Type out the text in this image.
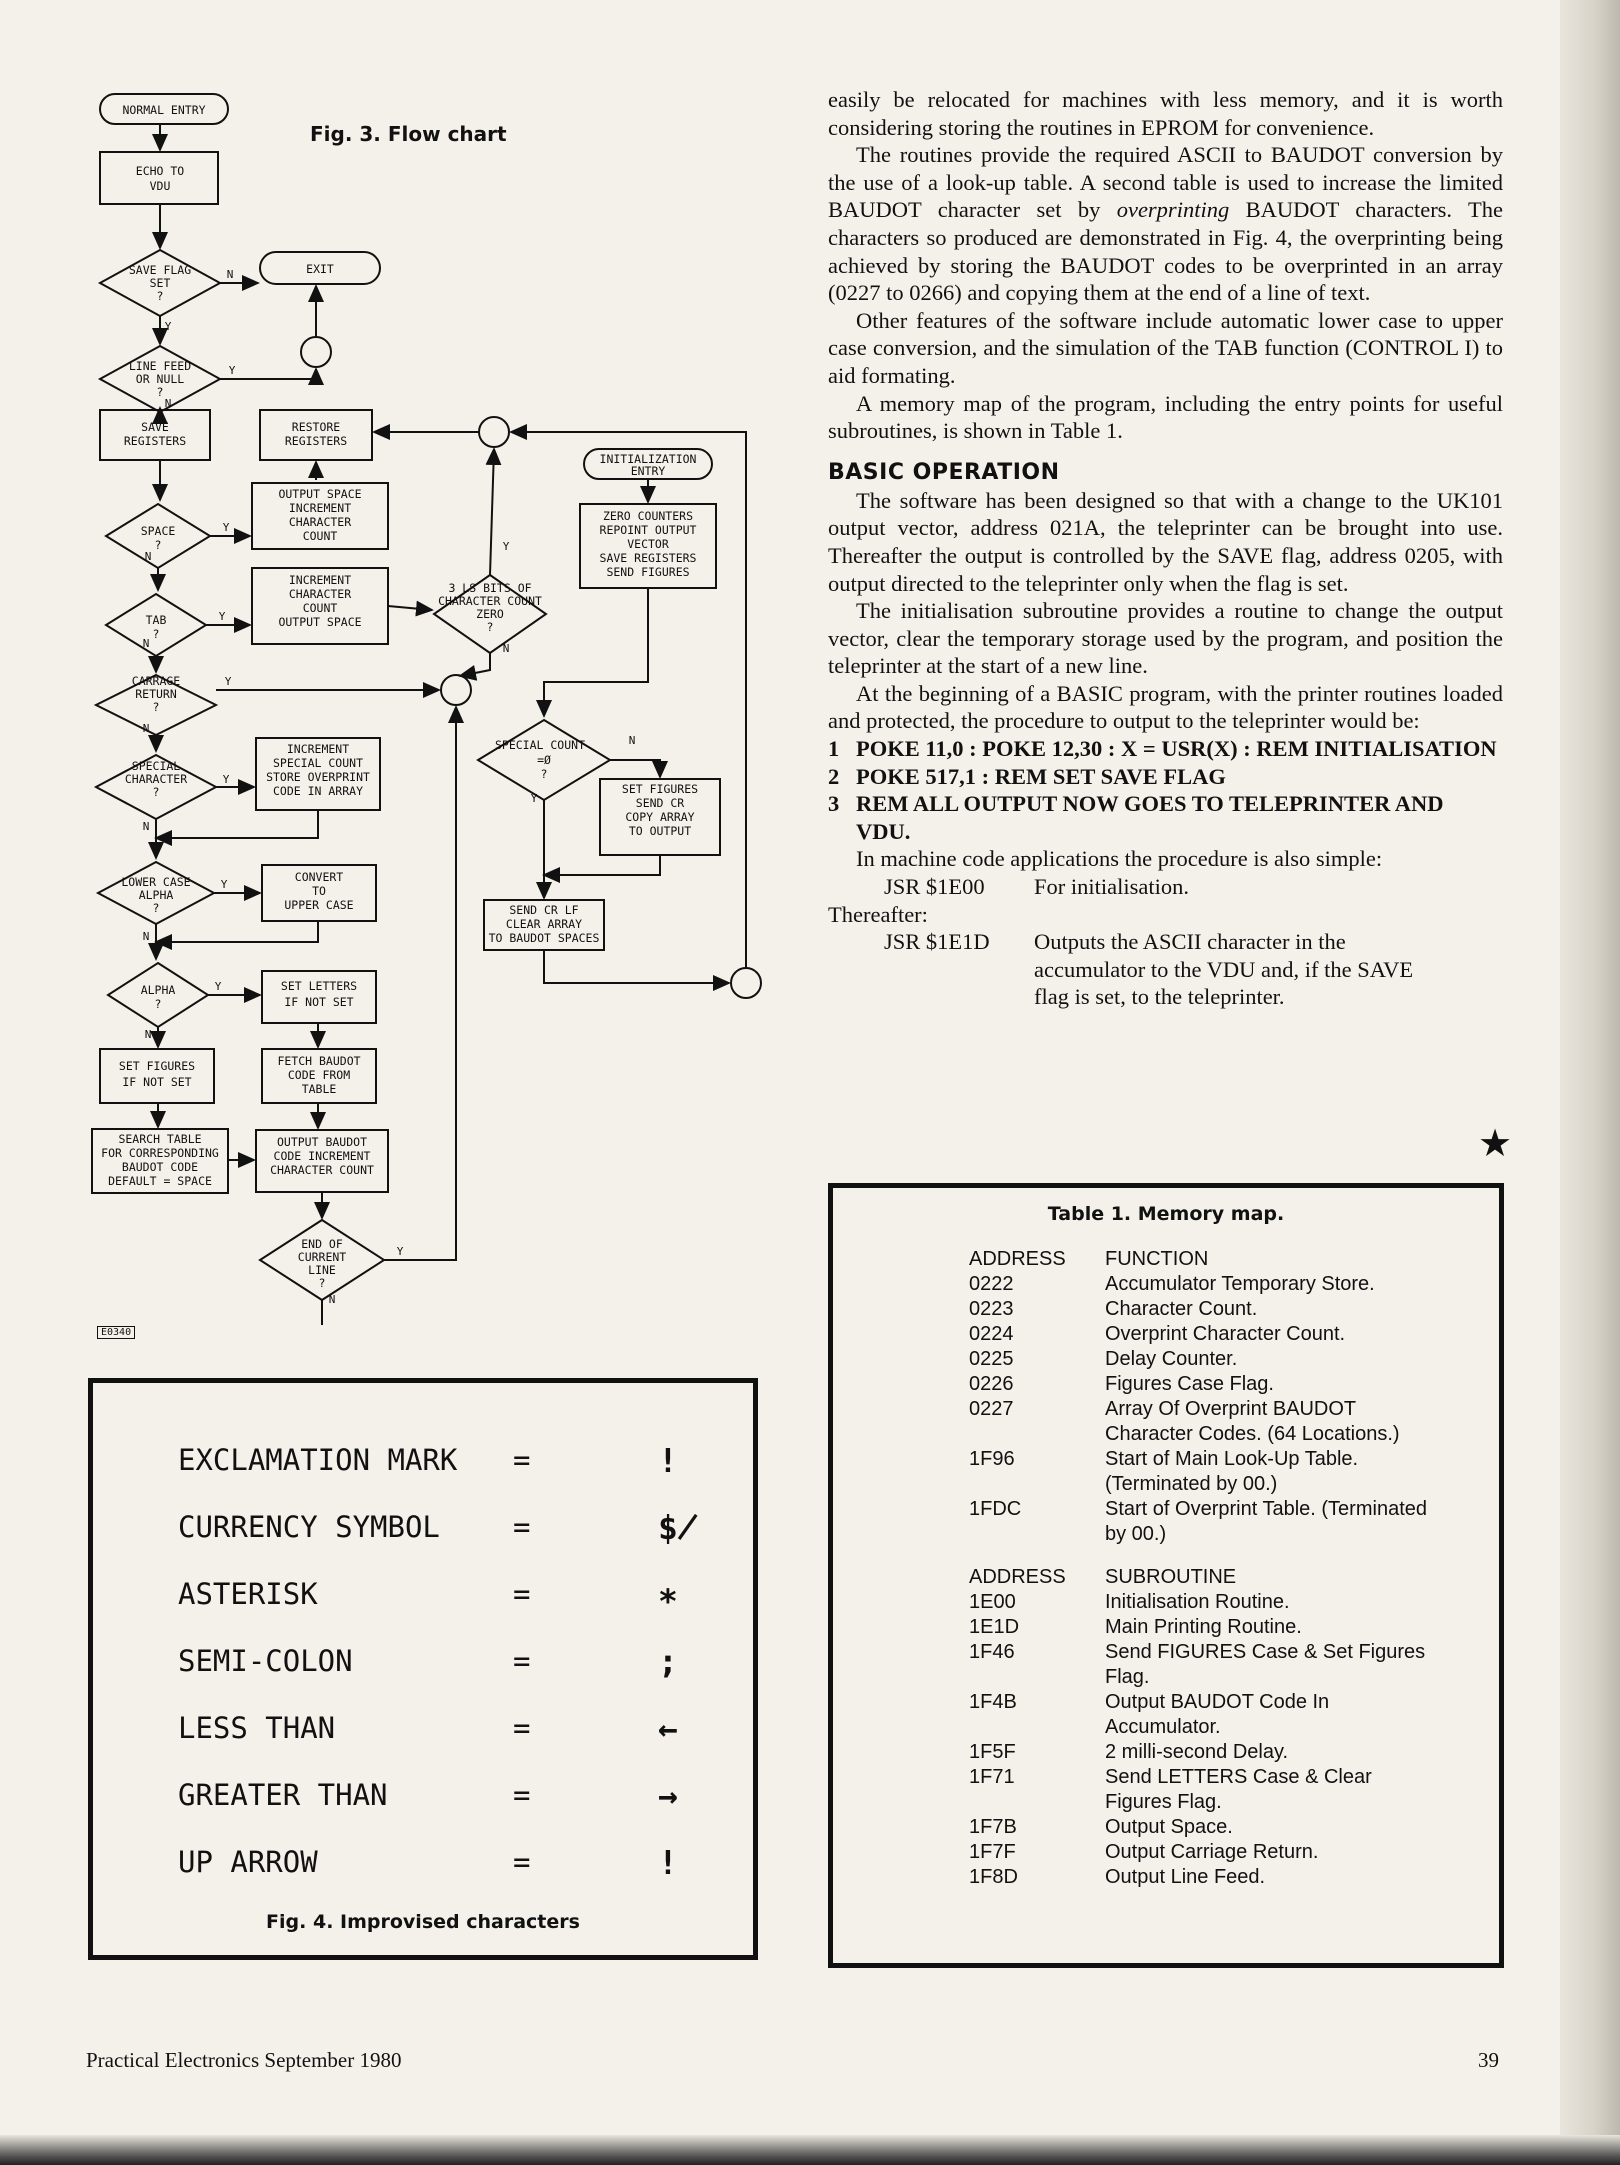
Fig. 3. Flow chart
NORMAL ENTRY
ECHO TO
VDU
SAVE FLAG
SET
?
EXIT
LINE FEED
OR NULL
?
SAVE
REGISTERS
RESTORE
REGISTERS
SPACE
?
OUTPUT SPACE
INCREMENT
CHARACTER
COUNT
INITIALIZATION
ENTRY
ZERO COUNTERS
REPOINT OUTPUT
VECTOR
SAVE REGISTERS
SEND FIGURES
TAB
?
INCREMENT
CHARACTER
COUNT
OUTPUT SPACE
3 LS BITS OF
CHARACTER COUNT
ZERO
?
CARRAGE
RETURN
?
SPECIAL COUNT
=Ø
?
SPECIAL
CHARACTER
?
INCREMENT
SPECIAL COUNT
STORE OVERPRINT
CODE IN ARRAY	SET FIGURES
SEND CR
COPY ARRAY
TO OUTPUT
LOWER CASE
ALPHA
?
CONVERT
TO
UPPER CASE	SEND CR LF
CLEAR ARRAY
TO BAUDOT SPACES
ALPHA
?
SET LETTERS
IF NOT SET
SET FIGURES
IF NOT SET
FETCH BAUDOT
CODE FROM
TABLE
SEARCH TABLE
FOR CORRESPONDING
BAUDOT CODE
DEFAULT = SPACE
OUTPUT BAUDOT
CODE INCREMENT
CHARACTER COUNT
END OF
CURRENT
LINE
?
N
Y
Y
N
Y
N
Y
N
Y
N
Y
N
N
Y
Y
N
Y
N
Y
N
Y
N
E0340
EXCLAMATION MARK =	!
CURRENCY SYMBOL	=	$̸
ASTERISK	=	∗
SEMI-COLON	=	;
LESS THAN	=	←
GREATER THAN	=	→
UP ARROW	=	!
Fig. 4. Improvised characters

easily be relocated for machines with less memory, and it is worth considering storing the routines in EPROM for convenience.

The routines provide the required ASCII to BAUDOT conversion by the use of a look-up table. A second table is used to increase the limited BAUDOT character set by overprinting BAUDOT characters. The characters so produced are demonstrated in Fig. 4, the overprinting being achieved by storing the BAUDOT codes to be overprinted in an array (0227 to 0266) and copying them at the end of a line of text.

Other features of the software include automatic lower case to upper case conversion, and the simulation of the TAB function (CONTROL I) to aid formating.

A memory map of the program, including the entry points for useful subroutines, is shown in Table 1.

BASIC OPERATION

The software has been designed so that with a change to the UK101 output vector, address 021A, the teleprinter can be brought into use. Thereafter the output is controlled by the SAVE flag, address 0205, with output directed to the teleprinter only when the flag is set.

The initialisation subroutine provides a routine to change the output vector, clear the temporary storage used by the program, and position the teleprinter at the start of a new line.

At the beginning of a BASIC program, with the printer routines loaded and protected, the procedure to output to the teleprinter would be:

1 POKE 11,0 : POKE 12,30 : X = USR(X) : REM INITIALISATION
2 POKE 517,1 : REM SET SAVE FLAG
3 REM ALL OUTPUT NOW GOES TO TELEPRINTER AND VDU.

In machine code applications the procedure is also simple:

JSR $1E00	For initialisation.
Thereafter:
JSR $1E1D	Outputs the ASCII character in the accumulator to the VDU and, if the SAVE flag is set, to the teleprinter.
★
Table 1. Memory map.
ADDRESS	FUNCTION
0222	Accumulator Temporary Store.
0223	Character Count.
0224	Overprint Character Count.
0225	Delay Counter.
0226	Figures Case Flag.
0227	Array Of Overprint BAUDOT Character Codes. (64 Locations.)
1F96	Start of Main Look-Up Table. (Terminated by 00.)
1FDC	Start of Overprint Table. (Terminated by 00.)
ADDRESS	SUBROUTINE
1E00	Initialisation Routine.
1E1D	Main Printing Routine.
1F46	Send FIGURES Case & Set Figures Flag.
1F4B	Output BAUDOT Code In Accumulator.
1F5F	2 milli-second Delay.
1F71	Send LETTERS Case & Clear Figures Flag.
1F7B	Output Space.
1F7F	Output Carriage Return.
1F8D	Output Line Feed.
Practical Electronics September 1980	39
